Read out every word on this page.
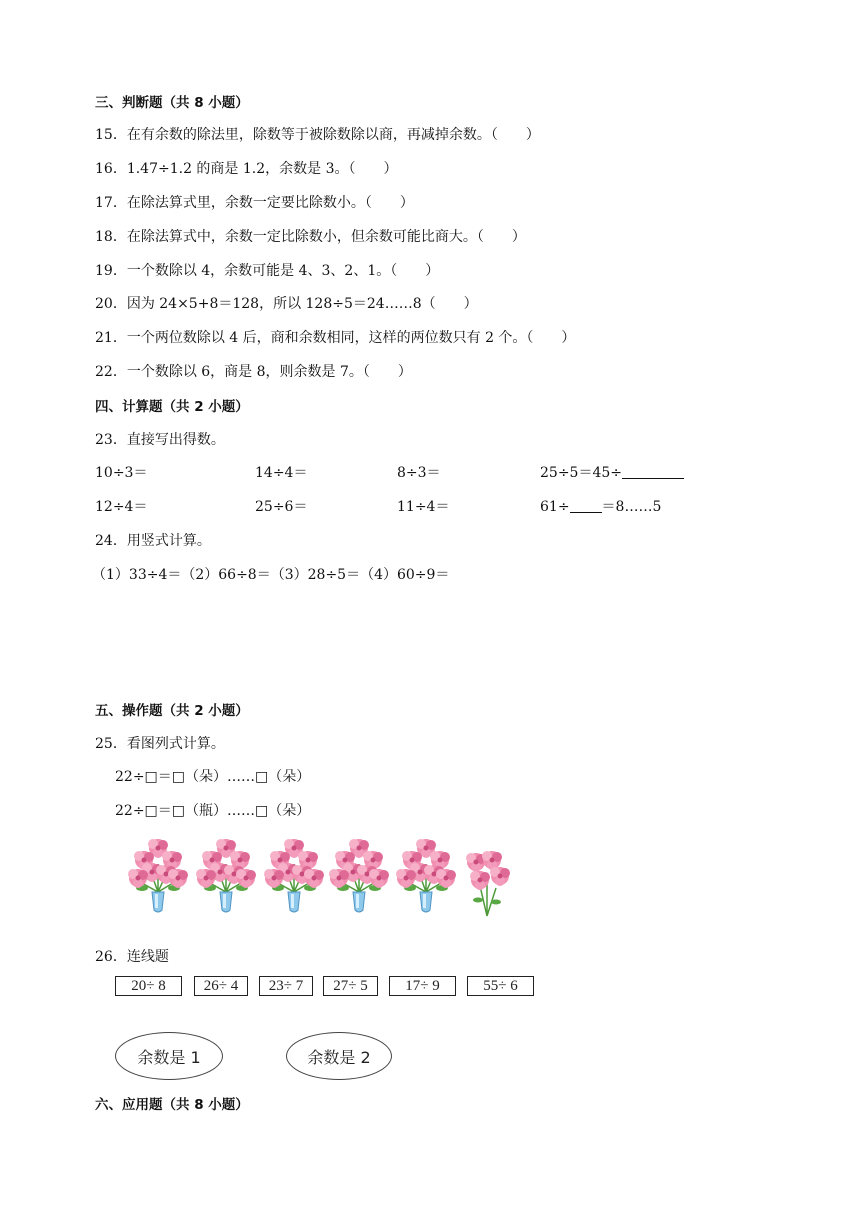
三、判断题（共 8 小题）
15．在有余数的除法里，除数等于被除数除以商，再减掉余数。（　　）
16．1.47÷1.2 的商是 1.2，余数是 3。（　　）
17．在除法算式里，余数一定要比除数小。（　　）
18．在除法算式中，余数一定比除数小，但余数可能比商大。（　　）
19．一个数除以 4，余数可能是 4、3、2、1。（　　）
20．因为 24×5+8＝128，所以 128÷5＝24……8（　　）
21．一个两位数除以 4 后，商和余数相同，这样的两位数只有 2 个。（　　）
22．一个数除以 6，商是 8，则余数是 7。（　　）
四、计算题（共 2 小题）
23．直接写出得数。
10÷3＝	14÷4＝	8÷3＝	25÷5＝45÷
12÷4＝	25÷6＝	11÷4＝	61÷ ＝8……5
24．用竖式计算。
（1）33÷4＝（2）66÷8＝（3）28÷5＝（4）60÷9＝
五、操作题（共 2 小题）
25．看图列式计算。
22÷□＝□（朵）……□（朵）
22÷□＝□（瓶）……□（朵）
26．连线题
20÷ 8	26÷ 4	23÷ 7	27÷ 5	17÷ 9	55÷ 6
余数是 1	余数是 2
六、应用题（共 8 小题）
